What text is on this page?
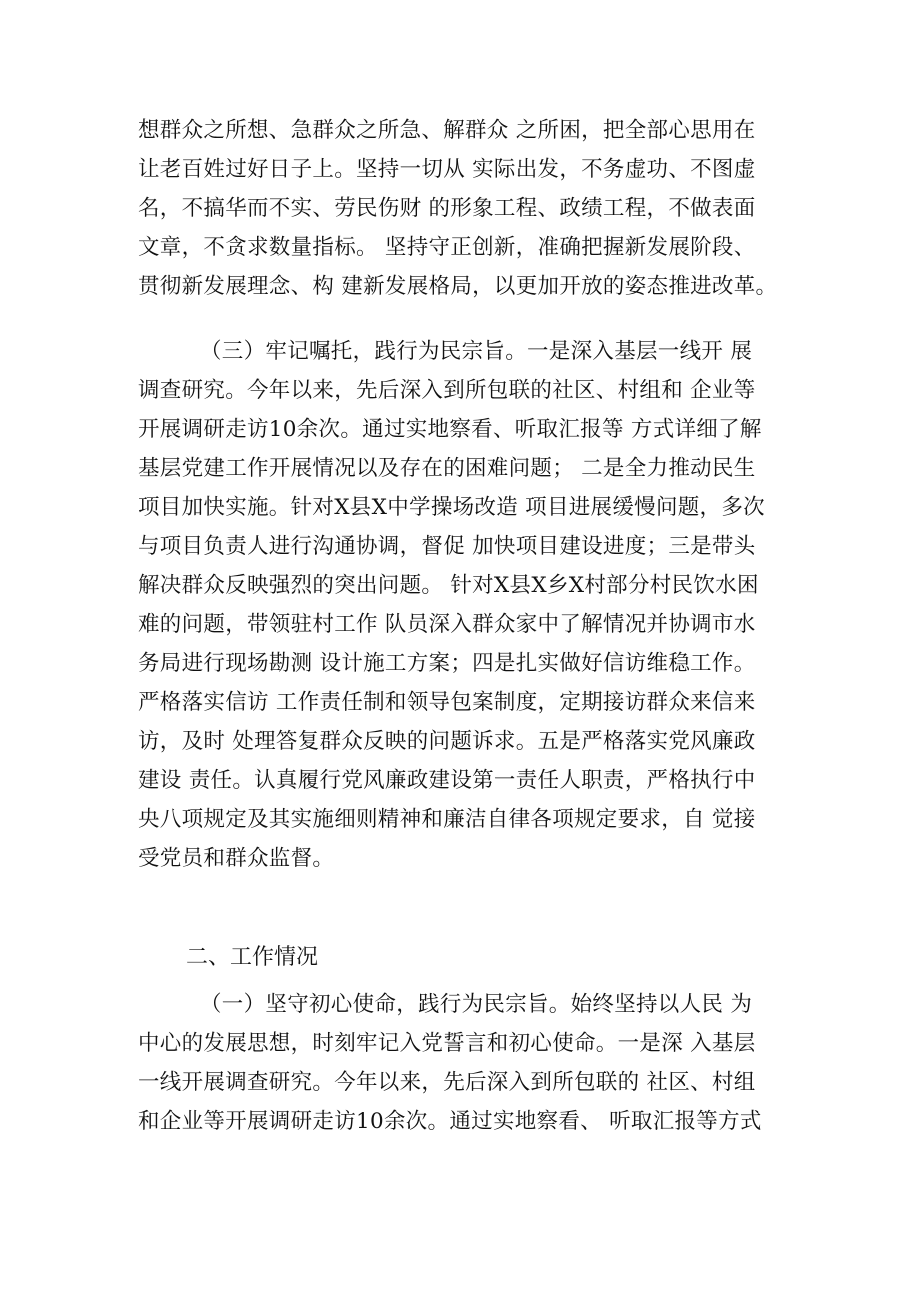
想群众之所想、急群众之所急、解群众 之所困，把全部心思用在
让老百姓过好日子上。坚持一切从 实际出发，不务虚功、不图虚
名，不搞华而不实、劳民伤财 的形象工程、政绩工程，不做表面
文章，不贪求数量指标。 坚持守正创新，准确把握新发展阶段、
贯彻新发展理念、构 建新发展格局，以更加开放的姿态推进改革。
（三）牢记嘱托，践行为民宗旨。一是深入基层一线开 展
调查研究。今年以来，先后深入到所包联的社区、村组和 企业等
开展调研走访10余次。通过实地察看、听取汇报等 方式详细了解
基层党建工作开展情况以及存在的困难问题； 二是全力推动民生
项目加快实施。针对X县X中学操场改造 项目进展缓慢问题，多次
与项目负责人进行沟通协调，督促 加快项目建设进度；三是带头
解决群众反映强烈的突出问题。 针对X县X乡X村部分村民饮水困
难的问题，带领驻村工作 队员深入群众家中了解情况并协调市水
务局进行现场勘测 设计施工方案；四是扎实做好信访维稳工作。
严格落实信访 工作责任制和领导包案制度，定期接访群众来信来
访，及时 处理答复群众反映的问题诉求。五是严格落实党风廉政
建设 责任。认真履行党风廉政建设第一责任人职责，严格执行中
央八项规定及其实施细则精神和廉洁自律各项规定要求，自 觉接
受党员和群众监督。
二、工作情况
（一）坚守初心使命，践行为民宗旨。始终坚持以人民 为
中心的发展思想，时刻牢记入党誓言和初心使命。一是深 入基层
一线开展调查研究。今年以来，先后深入到所包联的 社区、村组
和企业等开展调研走访10余次。通过实地察看、 听取汇报等方式
